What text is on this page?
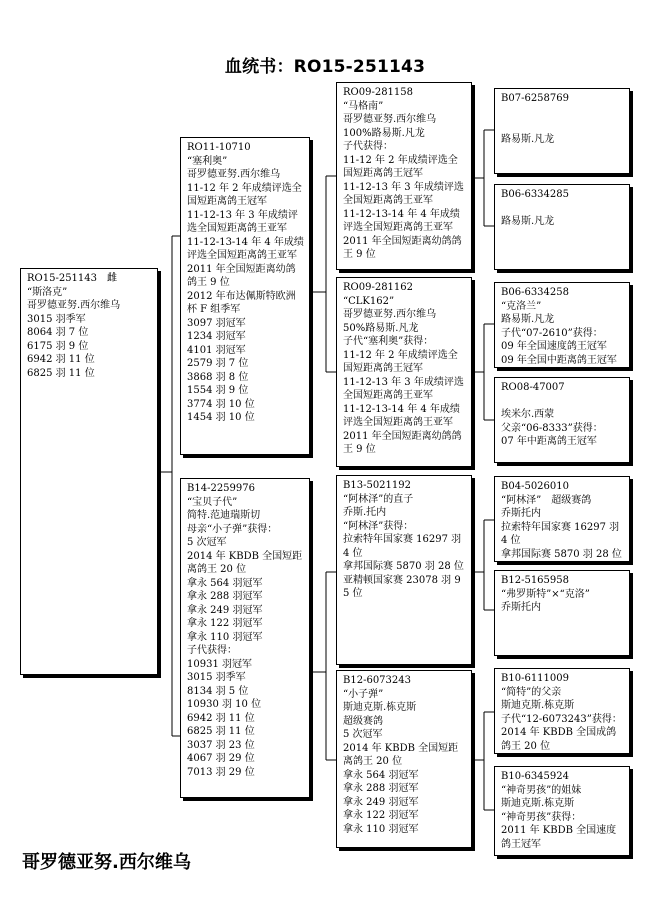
血统书：RO15-251143
RO15-251143　雌
“斯洛克”
哥罗德亚努.西尔维乌
3015 羽季军
8064 羽 7 位
6175 羽 9 位
6942 羽 11 位
6825 羽 11 位
RO11-10710
“塞利奥”
哥罗德亚努.西尔维乌
11-12 年 2 年成绩评选全国短距离鸽王冠军
11-12-13 年 3 年成绩评选全国短距离鸽王亚军
11-12-13-14 年 4 年成绩评选全国短距离鸽王亚军
2011 年全国短距离幼鸽鸽王 9 位
2012 年布达佩斯特欧洲杯 F 组季军
3097 羽冠军
1234 羽冠军
4101 羽冠军
2579 羽 7 位
3868 羽 8 位
1554 羽 9 位
3774 羽 10 位
1454 羽 10 位
B14-2259976
“宝贝子代”
简特.范迪瑞斯切
母亲“小子弹”获得：
5 次冠军
2014 年 KBDB 全国短距离鸽王 20 位
拿永 564 羽冠军
拿永 288 羽冠军
拿永 249 羽冠军
拿永 122 羽冠军
拿永 110 羽冠军
子代获得：
10931 羽冠军
3015 羽季军
8134 羽 5 位
10930 羽 10 位
6942 羽 11 位
6825 羽 11 位
3037 羽 23 位
4067 羽 29 位
7013 羽 29 位
RO09-281158
“马格南”
哥罗德亚努.西尔维乌
100%路易斯.凡龙
子代获得：
11-12 年 2 年成绩评选全国短距离鸽王冠军
11-12-13 年 3 年成绩评选全国短距离鸽王亚军
11-12-13-14 年 4 年成绩评选全国短距离鸽王亚军
2011 年全国短距离幼鸽鸽王 9 位
RO09-281162
“CLK162”
哥罗德亚努.西尔维乌
50%路易斯.凡龙
子代“塞利奥”获得：
11-12 年 2 年成绩评选全国短距离鸽王冠军
11-12-13 年 3 年成绩评选全国短距离鸽王亚军
11-12-13-14 年 4 年成绩评选全国短距离鸽王亚军
2011 年全国短距离幼鸽鸽王 9 位
B13-5021192
“阿林泽”的直子
乔斯.托内
“阿林泽”获得：
拉索特年国家赛 16297 羽 4 位
拿邦国际赛 5870 羽 28 位
亚精顿国家赛 23078 羽 95 位
B12-6073243
“小子弹”
斯迪克斯.栋克斯
超级赛鸽
5 次冠军
2014 年 KBDB 全国短距离鸽王 20 位
拿永 564 羽冠军
拿永 288 羽冠军
拿永 249 羽冠军
拿永 122 羽冠军
拿永 110 羽冠军
B07-6258769

路易斯.凡龙
B06-6334285

路易斯.凡龙
B06-6334258
“克洛兰”
路易斯.凡龙
子代“07-2610”获得：
09 年全国速度鸽王冠军
09 年全国中距离鸽王冠军
RO08-47007

埃米尔.西蒙
父亲“06-8333”获得：
07 年中距离鸽王冠军
B04-5026010
“阿林泽”　超级赛鸽
乔斯托内
拉索特年国家赛 16297 羽 4 位
拿邦国际赛 5870 羽 28 位
B12-5165958
“弗罗斯特”×“克洛”
乔斯托内
B10-6111009
“简特”的父亲
斯迪克斯.栋克斯
子代“12-6073243”获得：
2014 年 KBDB 全国成鸽鸽王 20 位
B10-6345924
“神奇男孩”的姐妹
斯迪克斯.栋克斯
“神奇男孩”获得：
2011 年 KBDB 全国速度鸽王冠军
哥罗德亚努.西尔维乌
